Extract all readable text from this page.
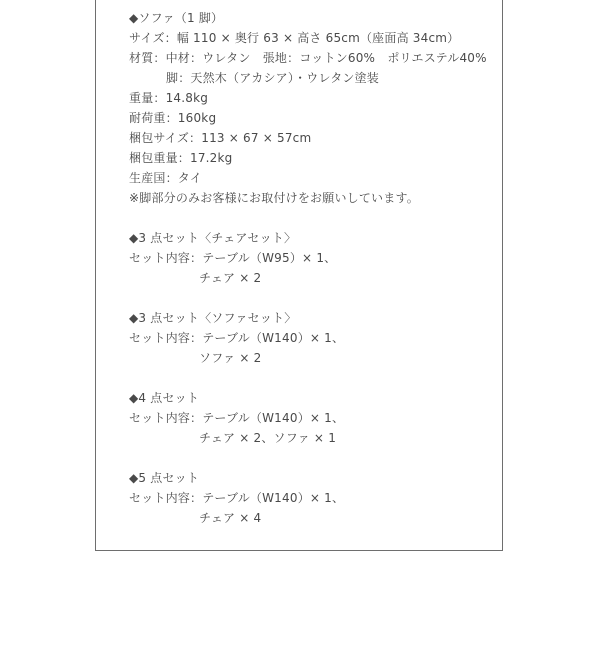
◆ソファ（1 脚）
サイズ：幅 110 × 奥行 63 × 高さ 65cm（座面高 34cm）
材質：中材：ウレタン　張地：コットン60%　ポリエステル40%
脚：天然木（アカシア）・ウレタン塗装
重量：14.8kg
耐荷重：160kg
梱包サイズ：113 × 67 × 57cm
梱包重量：17.2kg
生産国：タイ
※脚部分のみお客様にお取付けをお願いしています。
◆3 点セット〈チェアセット〉
セット内容：テーブル（W95）× 1、
チェア × 2
◆3 点セット〈ソファセット〉
セット内容：テーブル（W140）× 1、
ソファ × 2
◆4 点セット
セット内容：テーブル（W140）× 1、
チェア × 2、ソファ × 1
◆5 点セット
セット内容：テーブル（W140）× 1、
チェア × 4
